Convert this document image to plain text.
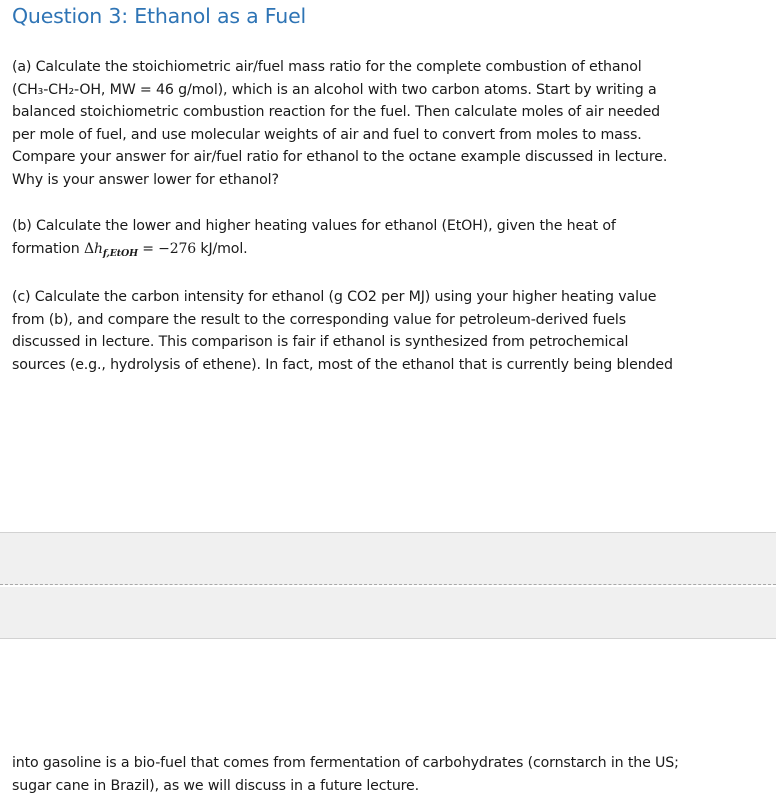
Question 3: Ethanol as a Fuel

(a) Calculate the stoichiometric air/fuel mass ratio for the complete combustion of ethanol
(CH₃-CH₂-OH, MW = 46 g/mol), which is an alcohol with two carbon atoms. Start by writing a
balanced stoichiometric combustion reaction for the fuel. Then calculate moles of air needed
per mole of fuel, and use molecular weights of air and fuel to convert from moles to mass.
Compare your answer for air/fuel ratio for ethanol to the octane example discussed in lecture.
Why is your answer lower for ethanol?

(b) Calculate the lower and higher heating values for ethanol (EtOH), given the heat of
formation $\Delta h_{f,EtOH} = -276$ kJ/mol.

(c) Calculate the carbon intensity for ethanol (g CO2 per MJ) using your higher heating value
from (b), and compare the result to the corresponding value for petroleum-derived fuels
discussed in lecture. This comparison is fair if ethanol is synthesized from petrochemical
sources (e.g., hydrolysis of ethene). In fact, most of the ethanol that is currently being blended

into gasoline is a bio-fuel that comes from fermentation of carbohydrates (cornstarch in the US;
sugar cane in Brazil), as we will discuss in a future lecture.
